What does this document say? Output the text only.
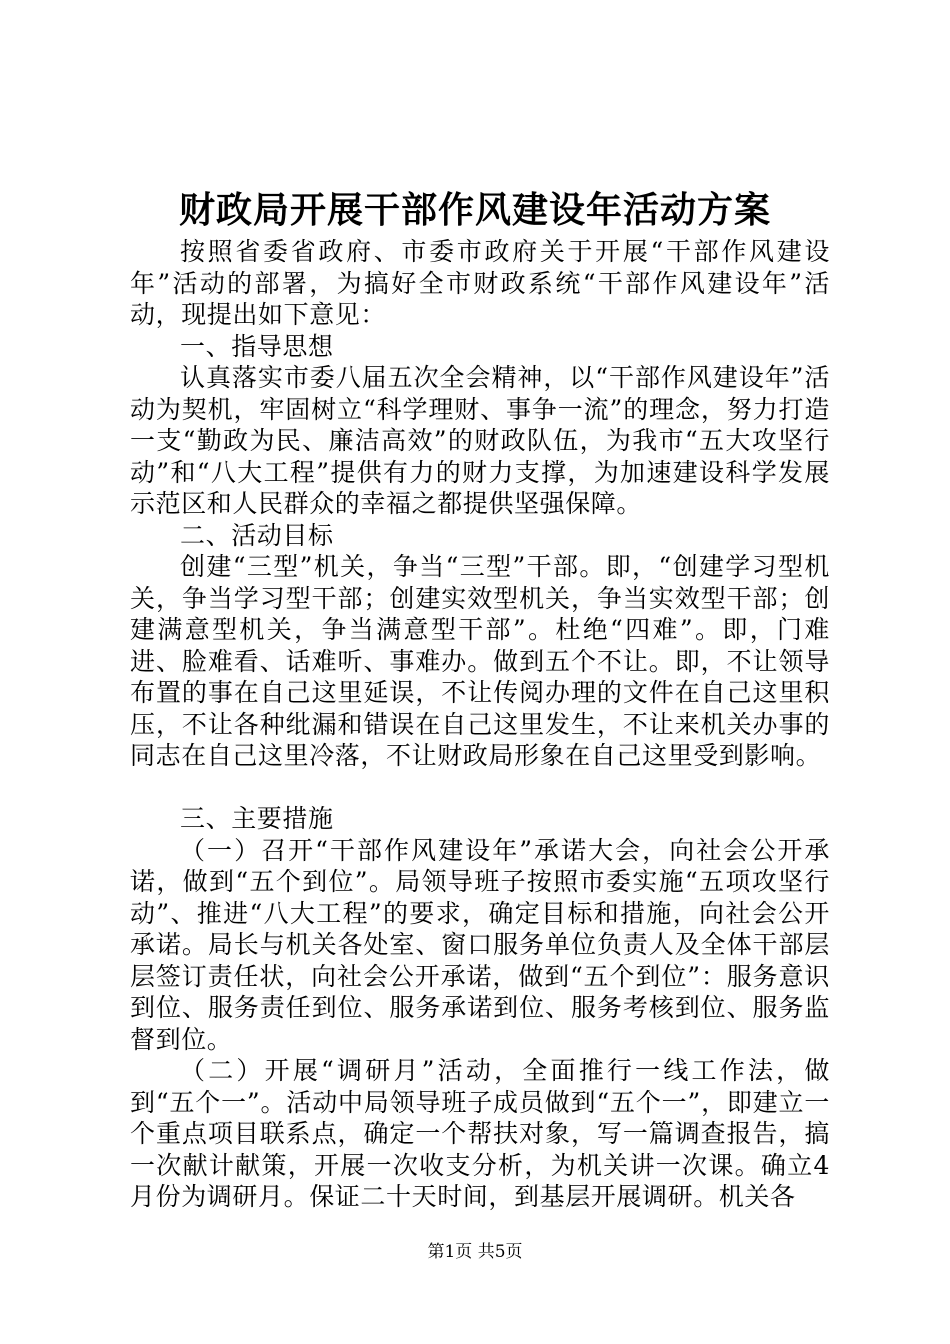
财政局开展干部作风建设年活动方案

按照省委省政府、市委市政府关于开展“干部作风建设年”活动的部署，为搞好全市财政系统“干部作风建设年”活动，现提出如下意见：

一、指导思想

认真落实市委八届五次全会精神，以“干部作风建设年”活动为契机，牢固树立“科学理财、事争一流”的理念，努力打造一支“勤政为民、廉洁高效”的财政队伍，为我市“五大攻坚行动”和“八大工程”提供有力的财力支撑，为加速建设科学发展示范区和人民群众的幸福之都提供坚强保障。

二、活动目标

创建“三型”机关，争当“三型”干部。即，“创建学习型机关，争当学习型干部；创建实效型机关，争当实效型干部；创建满意型机关，争当满意型干部”。杜绝“四难”。即，门难进、脸难看、话难听、事难办。做到五个不让。即，不让领导布置的事在自己这里延误，不让传阅办理的文件在自己这里积压，不让各种纰漏和错误在自己这里发生，不让来机关办事的同志在自己这里冷落，不让财政局形象在自己这里受到影响。

三、主要措施

（一）召开“干部作风建设年”承诺大会，向社会公开承诺，做到“五个到位”。局领导班子按照市委实施“五项攻坚行动”、推进“八大工程”的要求，确定目标和措施，向社会公开承诺。局长与机关各处室、窗口服务单位负责人及全体干部层层签订责任状，向社会公开承诺，做到“五个到位”：服务意识到位、服务责任到位、服务承诺到位、服务考核到位、服务监督到位。

（二）开展“调研月”活动，全面推行一线工作法，做到“五个一”。活动中局领导班子成员做到“五个一”，即建立一个重点项目联系点，确定一个帮扶对象，写一篇调查报告，搞一次献计献策，开展一次收支分析，为机关讲一次课。确立4月份为调研月。保证二十天时间，到基层开展调研。机关各

第1页 共5页
